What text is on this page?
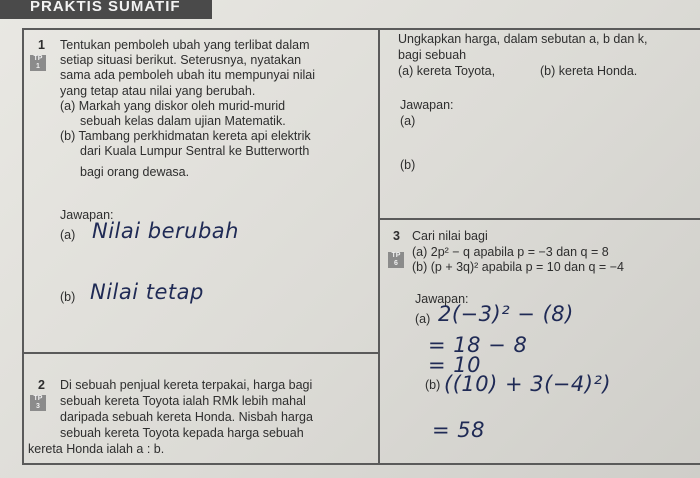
PRAKTIS SUMATIF
1 Tentukan pemboleh ubah yang terlibat dalam
TP
1	setiap situasi berikut. Seterusnya, nyatakan
sama ada pemboleh ubah itu mempunyai nilai
yang tetap atau nilai yang berubah.
(a) Markah yang diskor oleh murid-murid
sebuah kelas dalam ujian Matematik.
(b) Tambang perkhidmatan kereta api elektrik
dari Kuala Lumpur Sentral ke Butterworth
bagi orang dewasa.
Jawapan:
(a) Nilai berubah
(b) Nilai tetap
2 Di sebuah penjual kereta terpakai, harga bagi
TP
3	sebuah kereta Toyota ialah RMk lebih mahal
daripada sebuah kereta Honda. Nisbah harga
sebuah kereta Toyota kepada harga sebuah
kereta Honda ialah a : b.
Ungkapkan harga, dalam sebutan a, b dan k,
bagi sebuah
(a) kereta Toyota,	(b) kereta Honda.
Jawapan:
(a)
(b)
3 Cari nilai bagi
TP
6
(a) 2p² − q apabila p = −3 dan q = 8
(b) (p + 3q)² apabila p = 10 dan q = −4
Jawapan:
(a) 2(−3)² − (8)
= 18 − 8
= 10
(b) ((10) + 3(−4)²)
= 58
